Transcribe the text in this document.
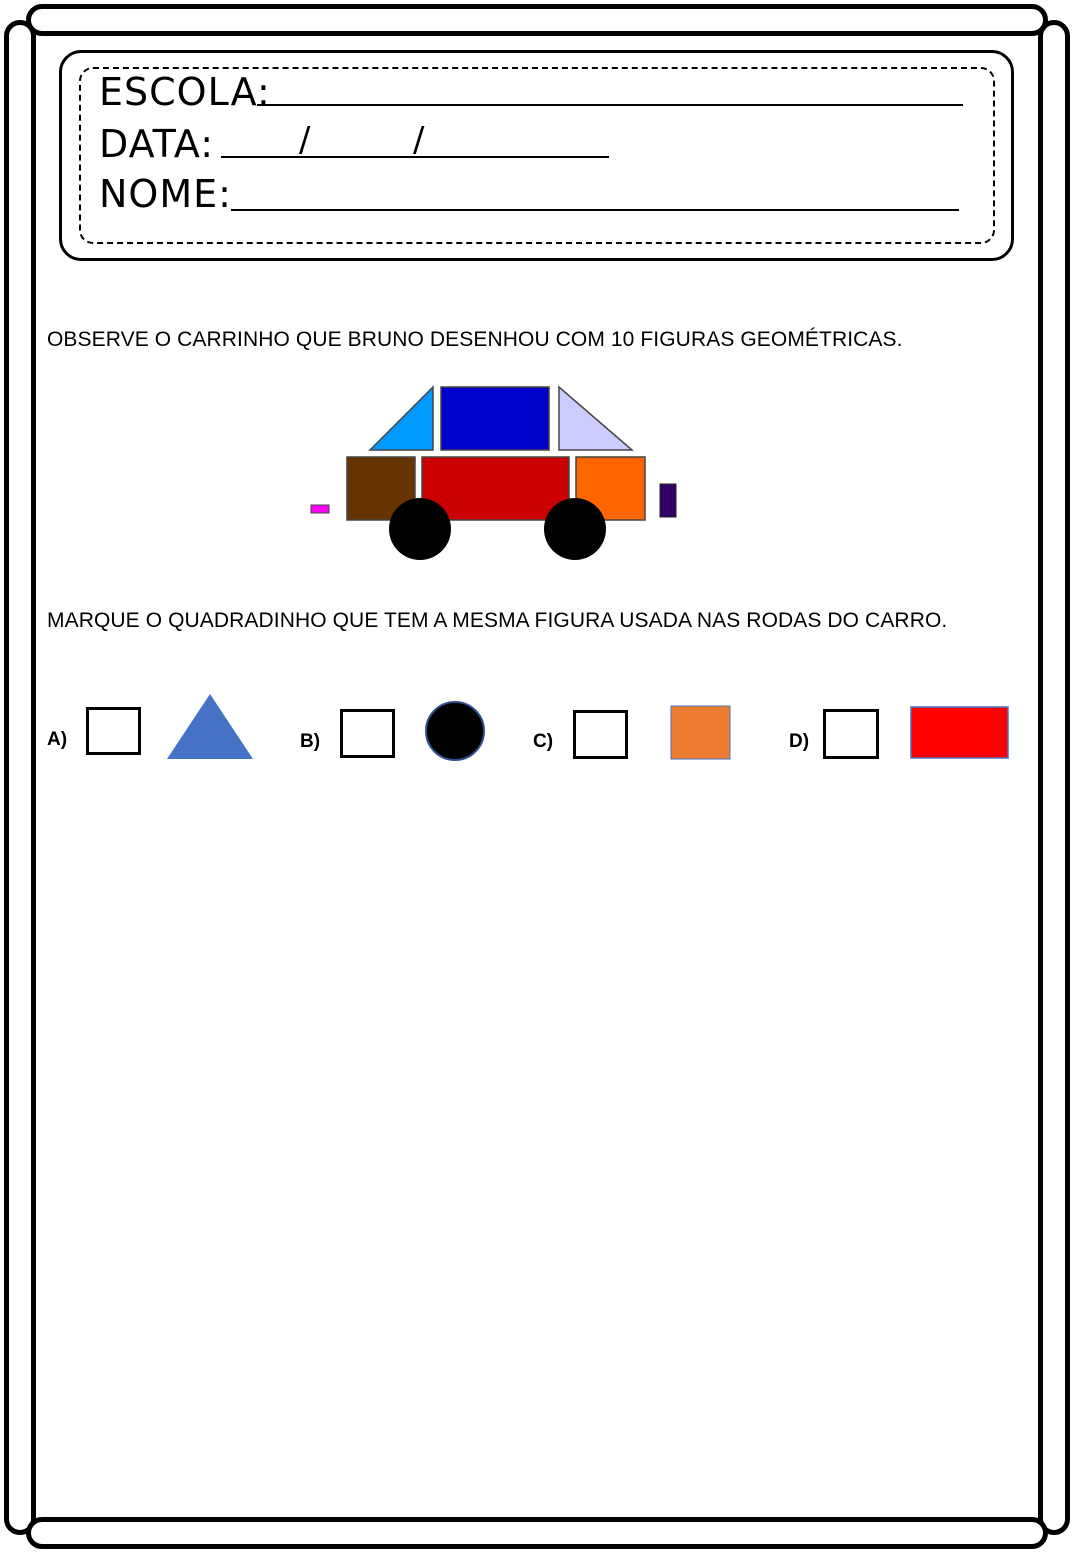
ESCOLA:
DATA: /	/
NOME:
OBSERVE O CARRINHO QUE BRUNO DESENHOU COM 10 FIGURAS GEOMÉTRICAS.
MARQUE O QUADRADINHO QUE TEM A MESMA FIGURA USADA NAS RODAS DO CARRO.
A)	B)	C)	D)
